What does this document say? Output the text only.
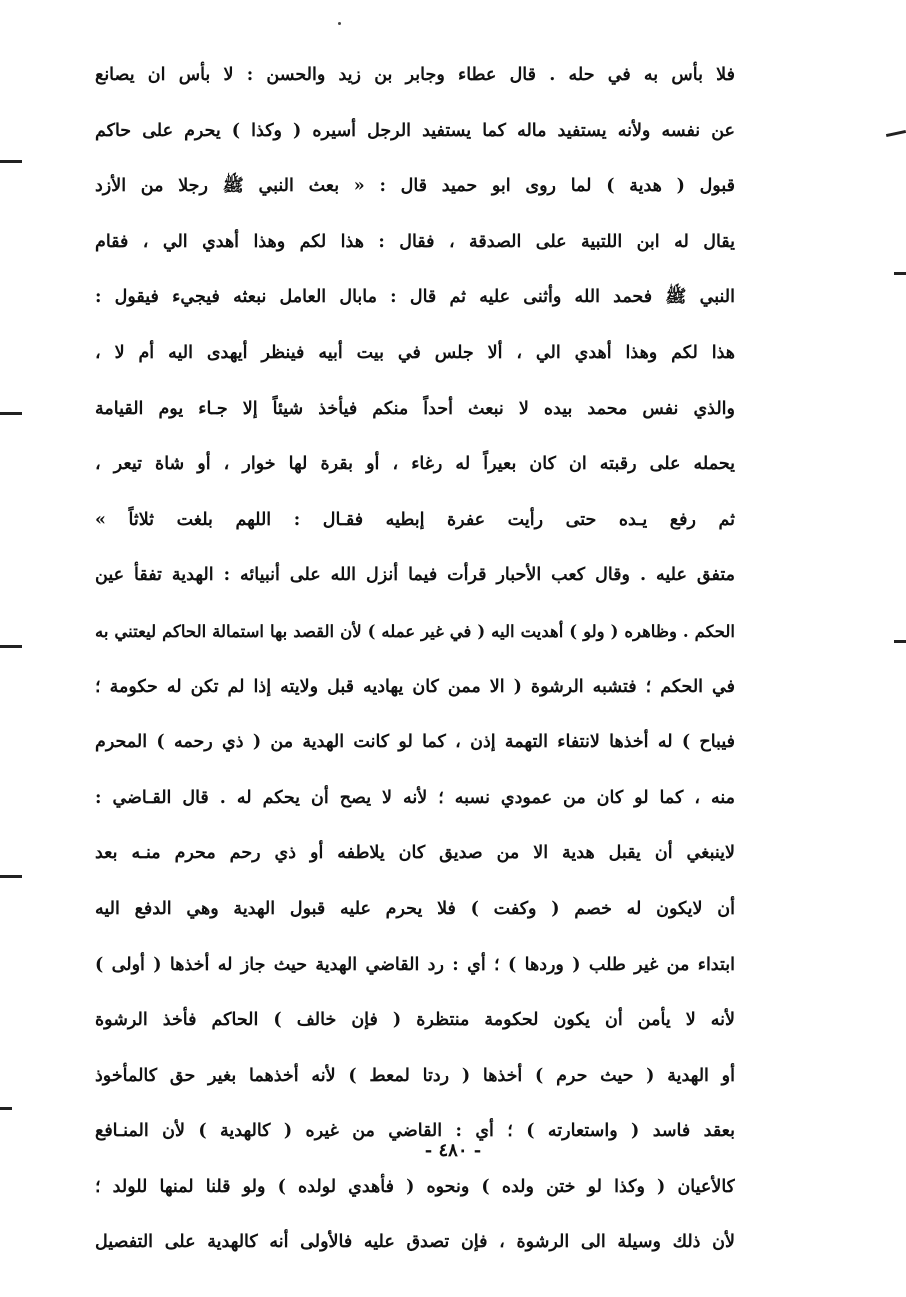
فلا بأس به في حله . قال عطاء وجابر بن زيد والحسن : لا بأس ان يصانع
عن نفسه ولأنه يستفيد ماله كما يستفيد الرجل أسيره ( وكذا ) يحرم على حاكم
قبول ( هدية ) لما روى ابو حميد قال : « بعث النبي ﷺ رجلا من الأزد
يقال له ابن اللتبية على الصدقة ، فقال : هذا لكم وهذا أهدي الي ، فقام
النبي ﷺ فحمد الله وأثنى عليه ثم قال : مابال العامل نبعثه فيجيء فيقول :
هذا لكم وهذا أهدي الي ، ألا جلس في بيت أبيه فينظر أيهدى اليه أم لا ،
والذي نفس محمد بيده لا نبعث أحداً منكم فيأخذ شيئاً إلا جـاء يوم القيامة
يحمله على رقبته ان كان بعيراً له رغاء ، أو بقرة لها خوار ، أو شاة تيعر ،
ثم رفع يـده حتى رأيت عفرة إبطيه فقـال : اللهم بلغت ثلاثاً »
متفق عليه . وقال كعب الأحبار قرأت فيما أنزل الله على أنبيائه : الهدية تفقأ عين
الحكم . وظاهره ( ولو ) أهديت اليه ( في غير عمله ) لأن القصد بها استمالة الحاكم ليعتني به
في الحكم ؛ فتشبه الرشوة ( الا ممن كان يهاديه قبل ولايته إذا لم تكن له حكومة ؛
فيباح ) له أخذها لانتفاء التهمة إذن ، كما لو كانت الهدية من ( ذي رحمه ) المحرم
منه ، كما لو كان من عمودي نسبه ؛ لأنه لا يصح أن يحكم له . قال القـاضي :
لاينبغي أن يقبل هدية الا من صديق كان يلاطفه أو ذي رحم محرم منـه بعد
أن لايكون له خصم ( وكفت ) فلا يحرم عليه قبول الهدية وهي الدفع اليه
ابتداء من غير طلب ( وردها ) ؛ أي : رد القاضي الهدية حيث جاز له أخذها ( أولى )
لأنه لا يأمن أن يكون لحكومة منتظرة ( فإن خالف ) الحاكم فأخذ الرشوة
أو الهدية ( حيث حرم ) أخذها ( ردتا لمعط ) لأنه أخذهما بغير حق كالمأخوذ
بعقد فاسد ( واستعارته ) ؛ أي : القاضي من غيره ( كالهدية ) لأن المنـافع
كالأعيان ( وكذا لو ختن ولده ) ونحوه ( فأهدي لولده ) ولو قلنا لمنها للولد ؛
لأن ذلك وسيلة الى الرشوة ، فإن تصدق عليه فالأولى أنه كالهدية على التفصيل
- ٤٨٠ -
